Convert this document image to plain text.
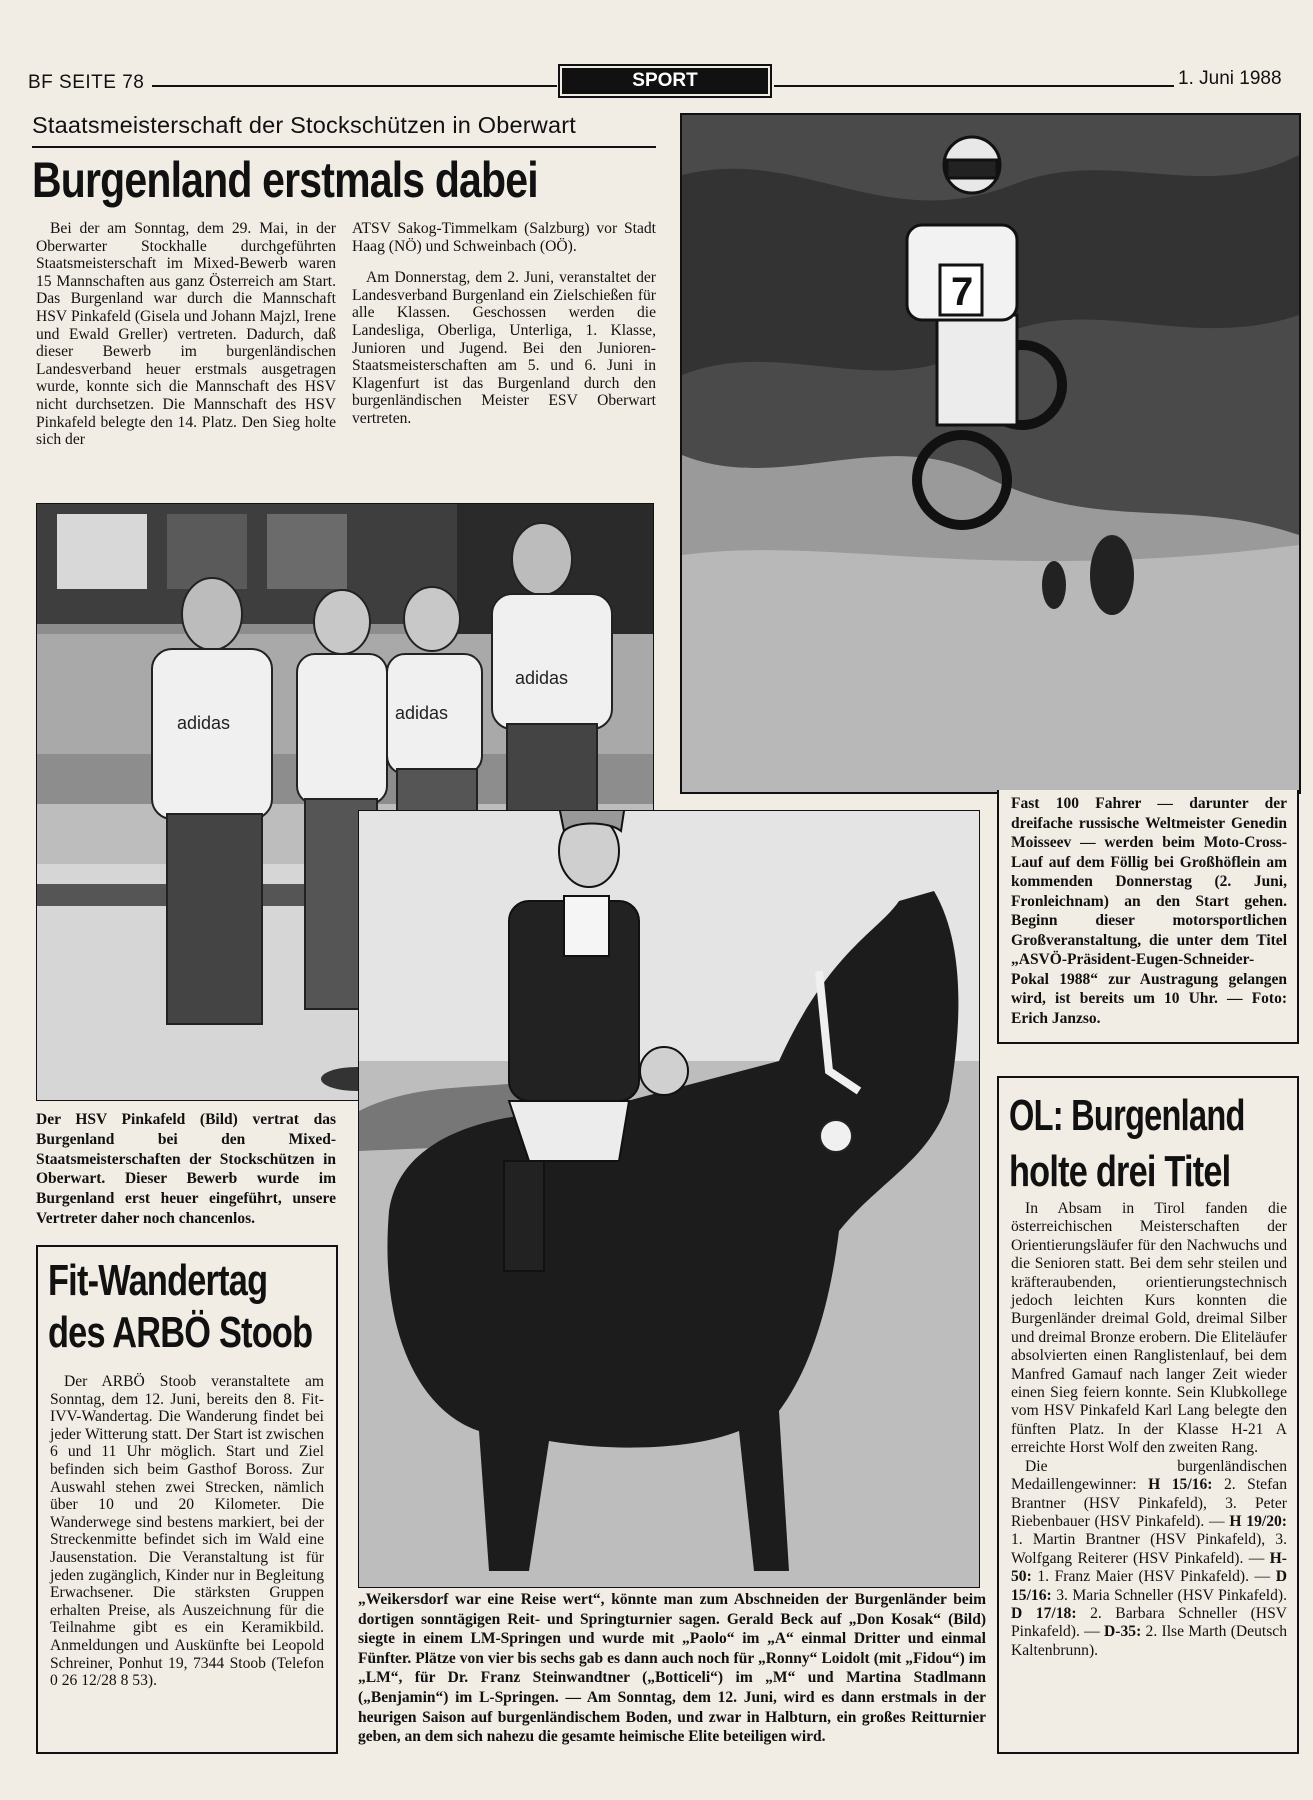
BF SEITE 78	SPORT	1. Juni 1988
Staatsmeisterschaft der Stockschützen in Oberwart
Burgenland erstmals dabei

Bei der am Sonntag, dem 29. Mai, in der Oberwarter Stockhalle durchgeführten Staatsmeisterschaft im Mixed-Bewerb waren 15 Mannschaften aus ganz Österreich am Start. Das Burgenland war durch die Mannschaft HSV Pinkafeld (Gisela und Johann Majzl, Irene und Ewald Greller) vertreten. Dadurch, daß dieser Bewerb im burgenländischen Landesverband heuer erstmals ausgetragen wurde, konnte sich die Mannschaft des HSV nicht durchsetzen. Die Mannschaft des HSV Pinkafeld belegte den 14. Platz. Den Sieg holte sich der

ATSV Sakog-Timmelkam (Salzburg) vor Stadt Haag (NÖ) und Schweinbach (OÖ).

Am Donnerstag, dem 2. Juni, veranstaltet der Landesverband Burgenland ein Zielschießen für alle Klassen. Geschossen werden die Landesliga, Oberliga, Unterliga, 1. Klasse, Junioren und Jugend. Bei den Junioren-Staatsmeisterschaften am 5. und 6. Juni in Klagenfurt ist das Burgenland durch den burgenländischen Meister ESV Oberwart vertreten.

adidas	adidas
adidas
Der HSV Pinkafeld (Bild) vertrat das Burgenland bei den Mixed-Staatsmeisterschaften der Stockschützen in Oberwart. Dieser Bewerb wurde im Burgenland erst heuer eingeführt, unsere Vertreter daher noch chancenlos.
7
Fast 100 Fahrer — darunter der dreifache russische Weltmeister Genedin Moisseev — werden beim Moto-Cross-Lauf auf dem Föllig bei Großhöflein am kommenden Donnerstag (2. Juni, Fronleichnam) an den Start gehen. Beginn dieser motorsportlichen Großveranstaltung, die unter dem Titel „ASVÖ-Präsident-Eugen-Schneider-Pokal 1988“ zur Austragung gelangen wird, ist bereits um 10 Uhr. — Foto: Erich Janzso.
„Weikersdorf war eine Reise wert“, könnte man zum Abschneiden der Burgenländer beim dortigen sonntägigen Reit- und Springturnier sagen. Gerald Beck auf „Don Kosak“ (Bild) siegte in einem LM-Springen und wurde mit „Paolo“ im „A“ einmal Dritter und einmal Fünfter. Plätze von vier bis sechs gab es dann auch noch für „Ronny“ Loidolt (mit „Fidou“) im „LM“, für Dr. Franz Steinwandtner („Botticeli“) im „M“ und Martina Stadlmann („Benjamin“) im L-Springen. — Am Sonntag, dem 12. Juni, wird es dann erstmals in der heurigen Saison auf burgenländischem Boden, und zwar in Halbturn, ein großes Reitturnier geben, an dem sich nahezu die gesamte heimische Elite beteiligen wird.
Fit-Wandertag
des ARBÖ Stoob

Der ARBÖ Stoob veranstaltete am Sonntag, dem 12. Juni, bereits den 8. Fit-IVV-Wandertag. Die Wanderung findet bei jeder Witterung statt. Der Start ist zwischen 6 und 11 Uhr möglich. Start und Ziel befinden sich beim Gasthof Boross. Zur Auswahl stehen zwei Strecken, nämlich über 10 und 20 Kilometer. Die Wanderwege sind bestens markiert, bei der Streckenmitte befindet sich im Wald eine Jausenstation. Die Veranstaltung ist für jeden zugänglich, Kinder nur in Begleitung Erwachsener. Die stärksten Gruppen erhalten Preise, als Auszeichnung für die Teilnahme gibt es ein Keramikbild. Anmeldungen und Auskünfte bei Leopold Schreiner, Ponhut 19, 7344 Stoob (Telefon 0 26 12/28 8 53).

OL: Burgenland
holte drei Titel

In Absam in Tirol fanden die österreichischen Meisterschaften der Orientierungsläufer für den Nachwuchs und die Senioren statt. Bei dem sehr steilen und kräfteraubenden, orientierungstechnisch jedoch leichten Kurs konnten die Burgenländer dreimal Gold, dreimal Silber und dreimal Bronze erobern. Die Eliteläufer absolvierten einen Ranglistenlauf, bei dem Manfred Gamauf nach langer Zeit wieder einen Sieg feiern konnte. Sein Klubkollege vom HSV Pinkafeld Karl Lang belegte den fünften Platz. In der Klasse H-21 A erreichte Horst Wolf den zweiten Rang.

Die burgenländischen Medaillengewinner: H 15/16: 2. Stefan Brantner (HSV Pinkafeld), 3. Peter Riebenbauer (HSV Pinkafeld). — H 19/20: 1. Martin Brantner (HSV Pinkafeld), 3. Wolfgang Reiterer (HSV Pinkafeld). — H-50: 1. Franz Maier (HSV Pinkafeld). — D 15/16: 3. Maria Schneller (HSV Pinkafeld). D 17/18: 2. Barbara Schneller (HSV Pinkafeld). — D-35: 2. Ilse Marth (Deutsch Kaltenbrunn).
